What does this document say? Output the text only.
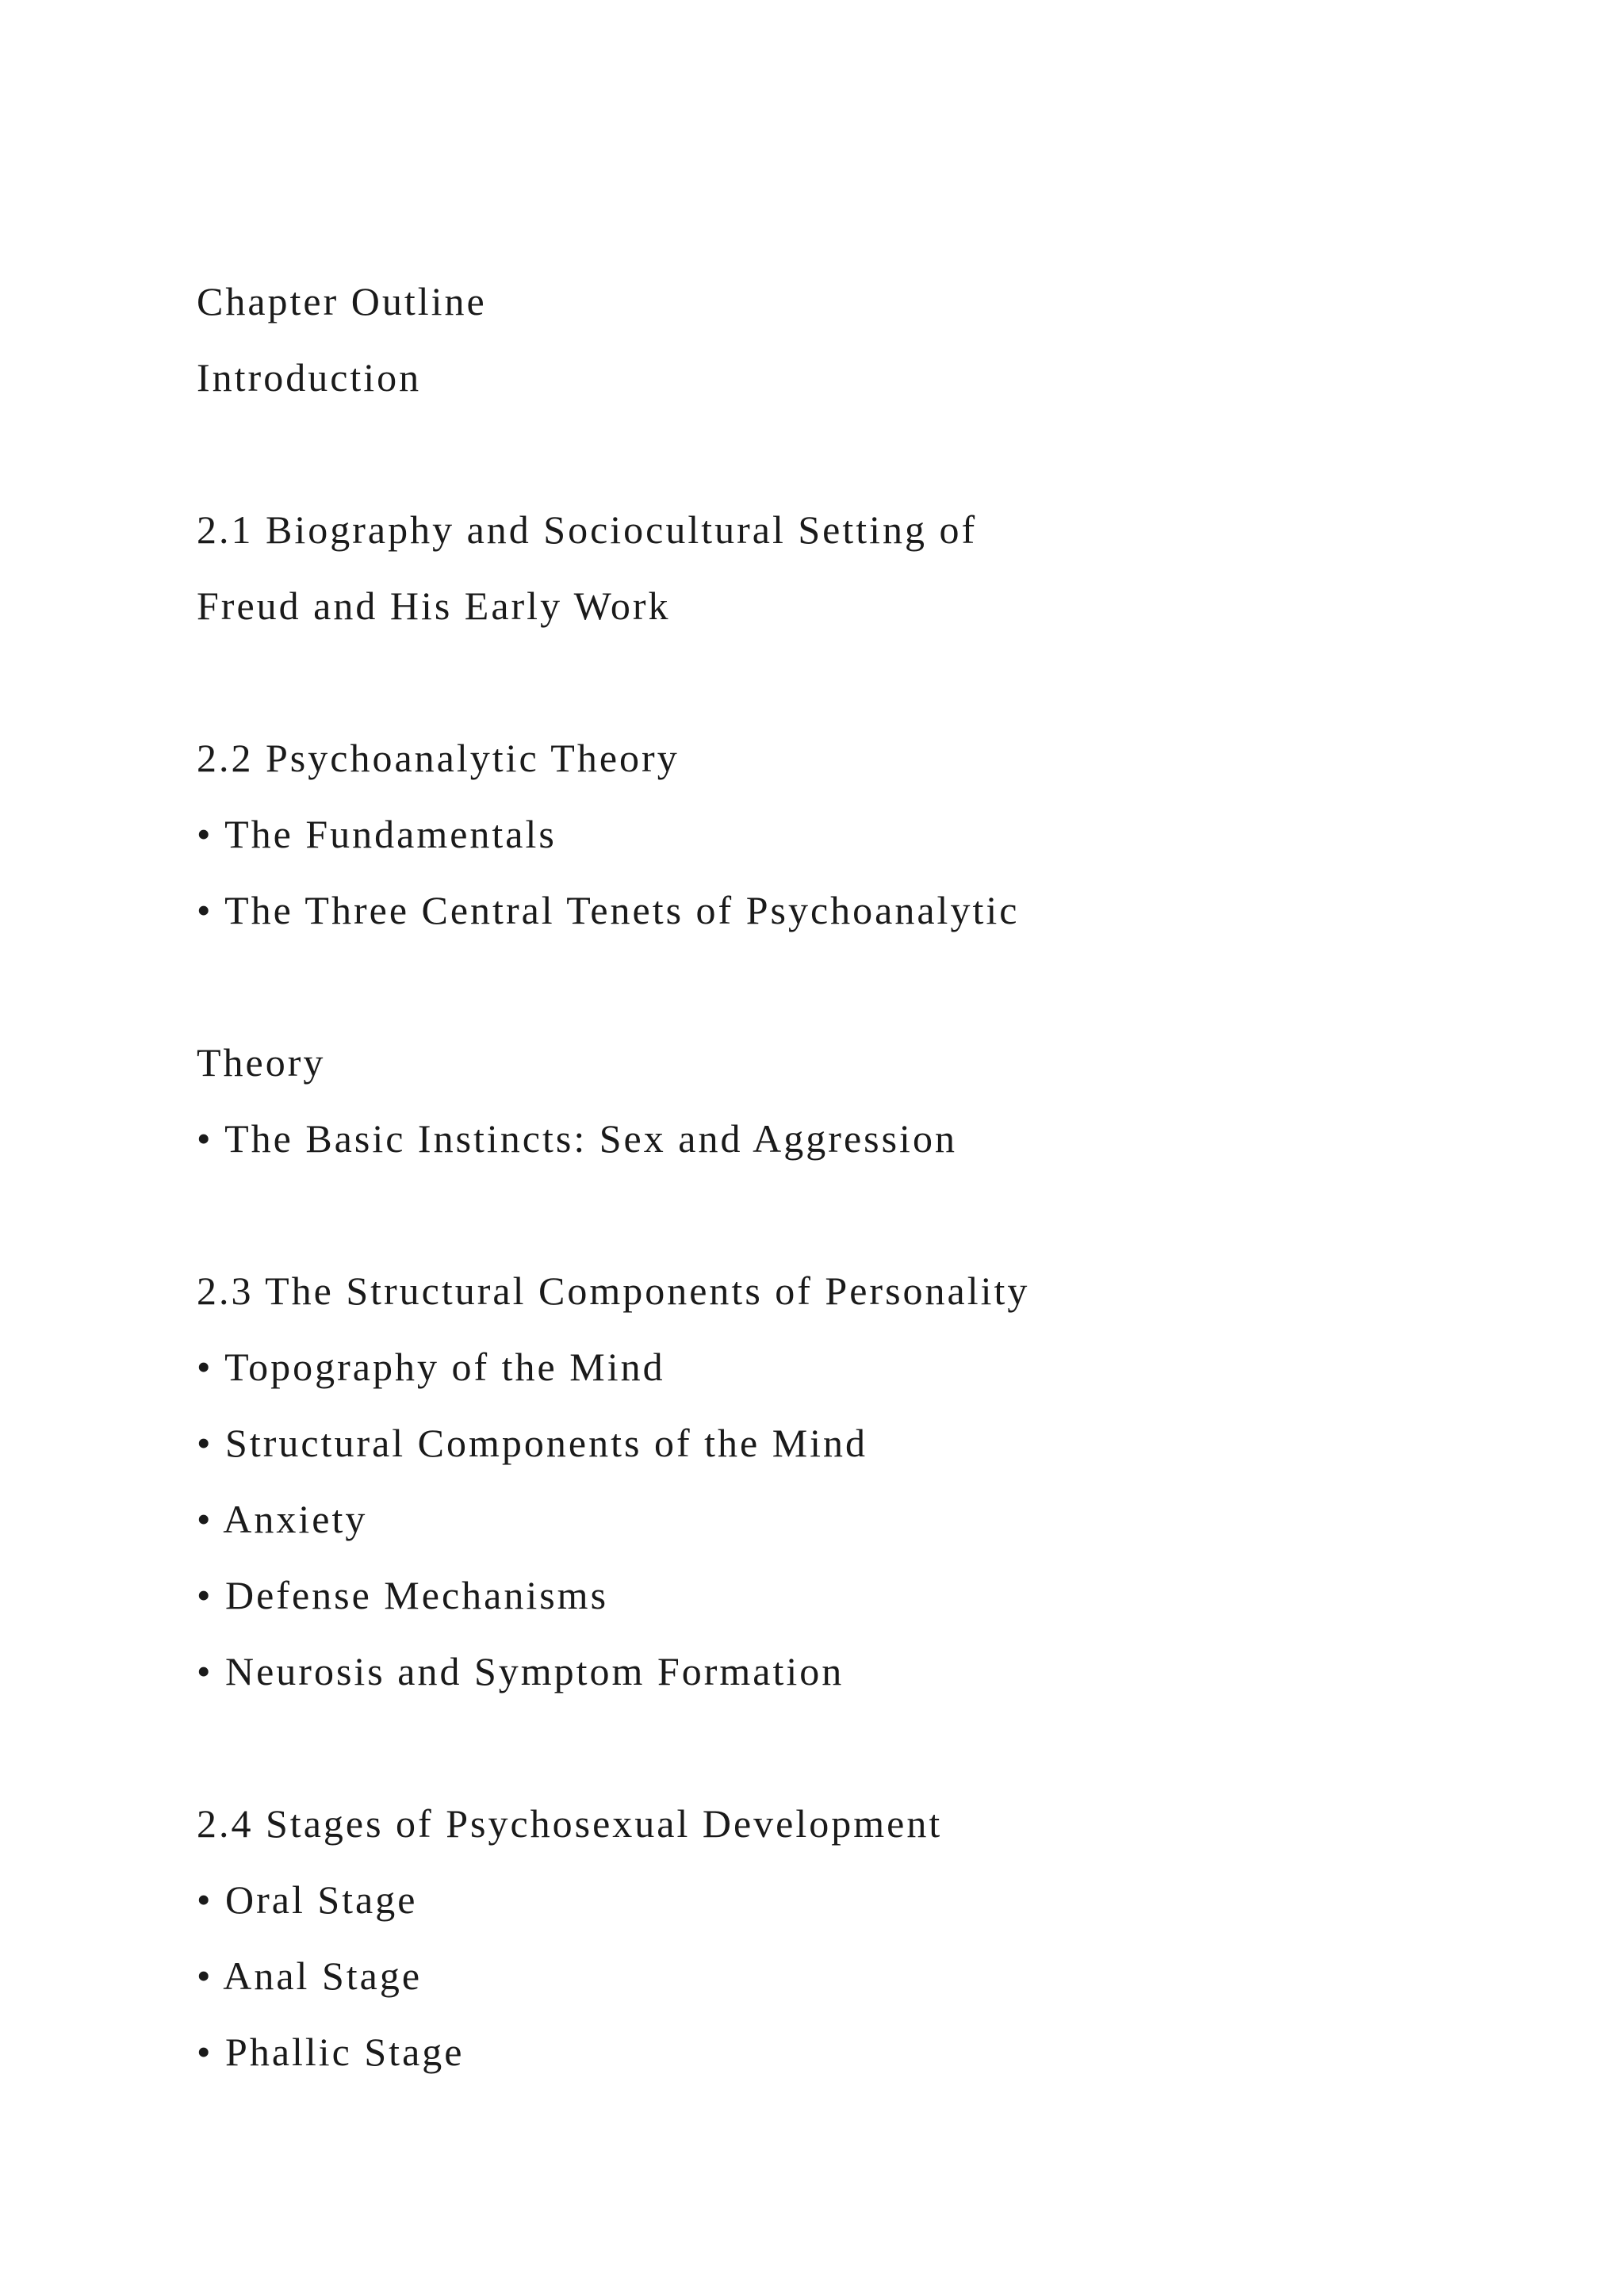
Chapter Outline
Introduction
2.1 Biography and Sociocultural Setting of
Freud and His Early Work
2.2 Psychoanalytic Theory
• The Fundamentals
• The Three Central Tenets of Psychoanalytic
Theory
• The Basic Instincts: Sex and Aggression
2.3 The Structural Components of Personality
• Topography of the Mind
• Structural Components of the Mind
• Anxiety
• Defense Mechanisms
• Neurosis and Symptom Formation
2.4 Stages of Psychosexual Development
• Oral Stage
• Anal Stage
• Phallic Stage
